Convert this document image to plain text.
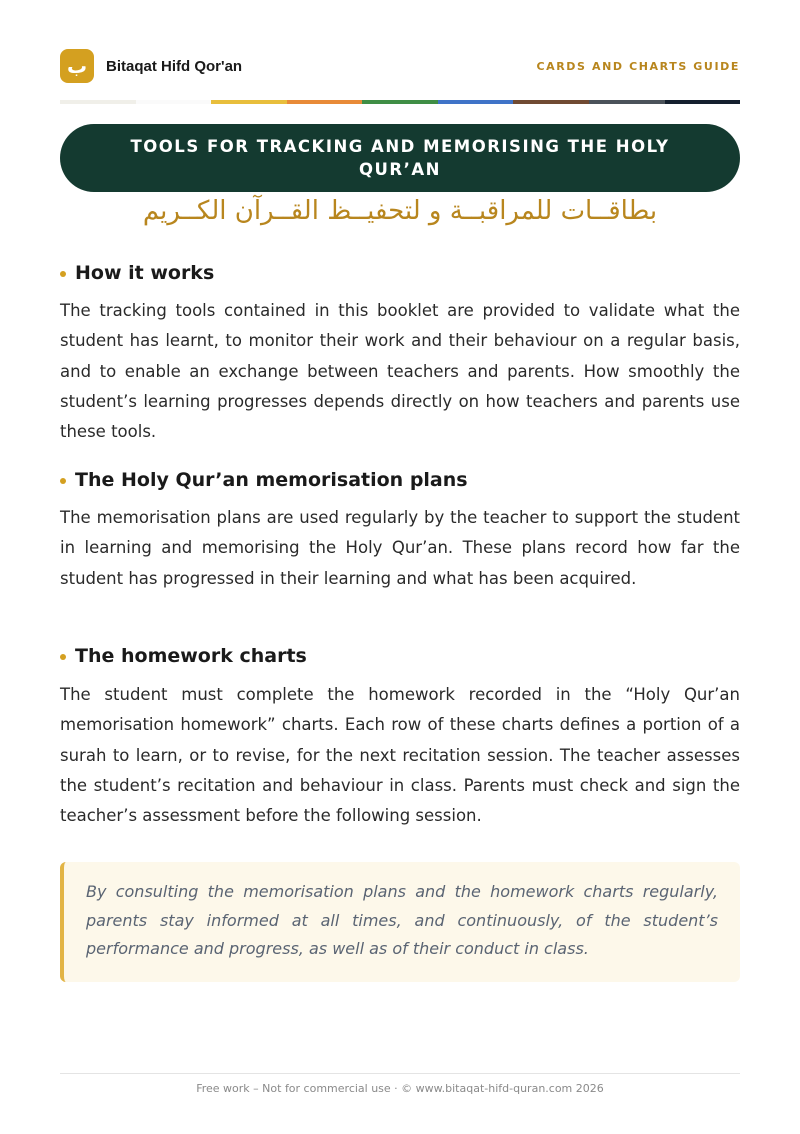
ب	Bitaqat Hifd Qor'an	CARDS AND CHARTS GUIDE
TOOLS FOR TRACKING AND MEMORISING THE HOLY QUR’AN
بطاقــات للمراقبــة و لتحفيــظ القــرآن الكــريم
How it works
The tracking tools contained in this booklet are provided to validate what the student has learnt, to monitor their work and their behaviour on a regular basis, and to enable an exchange between teachers and parents. How smoothly the student’s learning progresses depends directly on how teachers and parents use these tools.
The Holy Qur’an memorisation plans
The memorisation plans are used regularly by the teacher to support the student in learning and memorising the Holy Qur’an. These plans record how far the student has progressed in their learning and what has been acquired.
The homework charts
The student must complete the homework recorded in the “Holy Qur’an memorisation homework” charts. Each row of these charts defines a portion of a surah to learn, or to revise, for the next recitation session. The teacher assesses the student’s recitation and behaviour in class. Parents must check and sign the teacher’s assessment before the following session.
By consulting the memorisation plans and the homework charts regularly, parents stay informed at all times, and continuously, of the student’s performance and progress, as well as of their conduct in class.
Free work – Not for commercial use · © www.bitaqat-hifd-quran.com 2026
